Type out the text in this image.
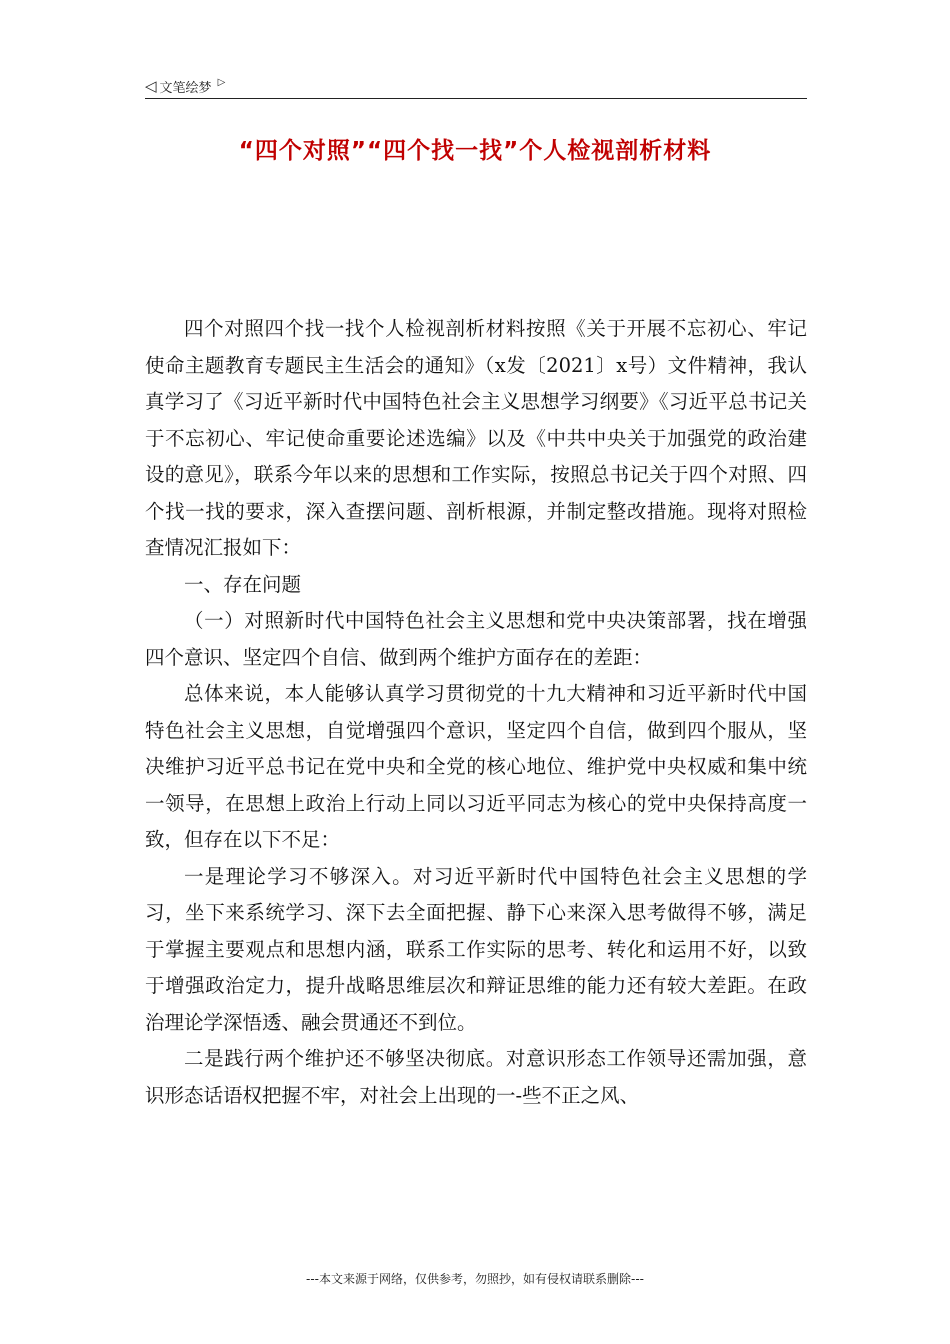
◁ 文笔绘梦 ▷
“四个对照”“四个找一找”个人检视剖析材料

四个对照四个找一找个人检视剖析材料按照《关于开展不忘初心、牢记使命主题教育专题民主生活会的通知》（x发〔2021〕x号）文件精神，我认真学习了《习近平新时代中国特色社会主义思想学习纲要》《习近平总书记关于不忘初心、牢记使命重要论述选编》以及《中共中央关于加强党的政治建设的意见》，联系今年以来的思想和工作实际，按照总书记关于四个对照、四个找一找的要求，深入查摆问题、剖析根源，并制定整改措施。现将对照检查情况汇报如下：

一、存在问题

（一）对照新时代中国特色社会主义思想和党中央决策部署，找在增强四个意识、坚定四个自信、做到两个维护方面存在的差距：

总体来说，本人能够认真学习贯彻党的十九大精神和习近平新时代中国特色社会主义思想，自觉增强四个意识，坚定四个自信，做到四个服从，坚决维护习近平总书记在党中央和全党的核心地位、维护党中央权威和集中统一领导，在思想上政治上行动上同以习近平同志为核心的党中央保持高度一致，但存在以下不足：

一是理论学习不够深入。对习近平新时代中国特色社会主义思想的学习，坐下来系统学习、深下去全面把握、静下心来深入思考做得不够，满足于掌握主要观点和思想内涵，联系工作实际的思考、转化和运用不好，以致于增强政治定力，提升战略思维层次和辩证思维的能力还有较大差距。在政治理论学深悟透、融会贯通还不到位。

二是践行两个维护还不够坚决彻底。对意识形态工作领导还需加强，意识形态话语权把握不牢，对社会上出现的一-些不正之风、

---本文来源于网络，仅供参考，勿照抄，如有侵权请联系删除---
